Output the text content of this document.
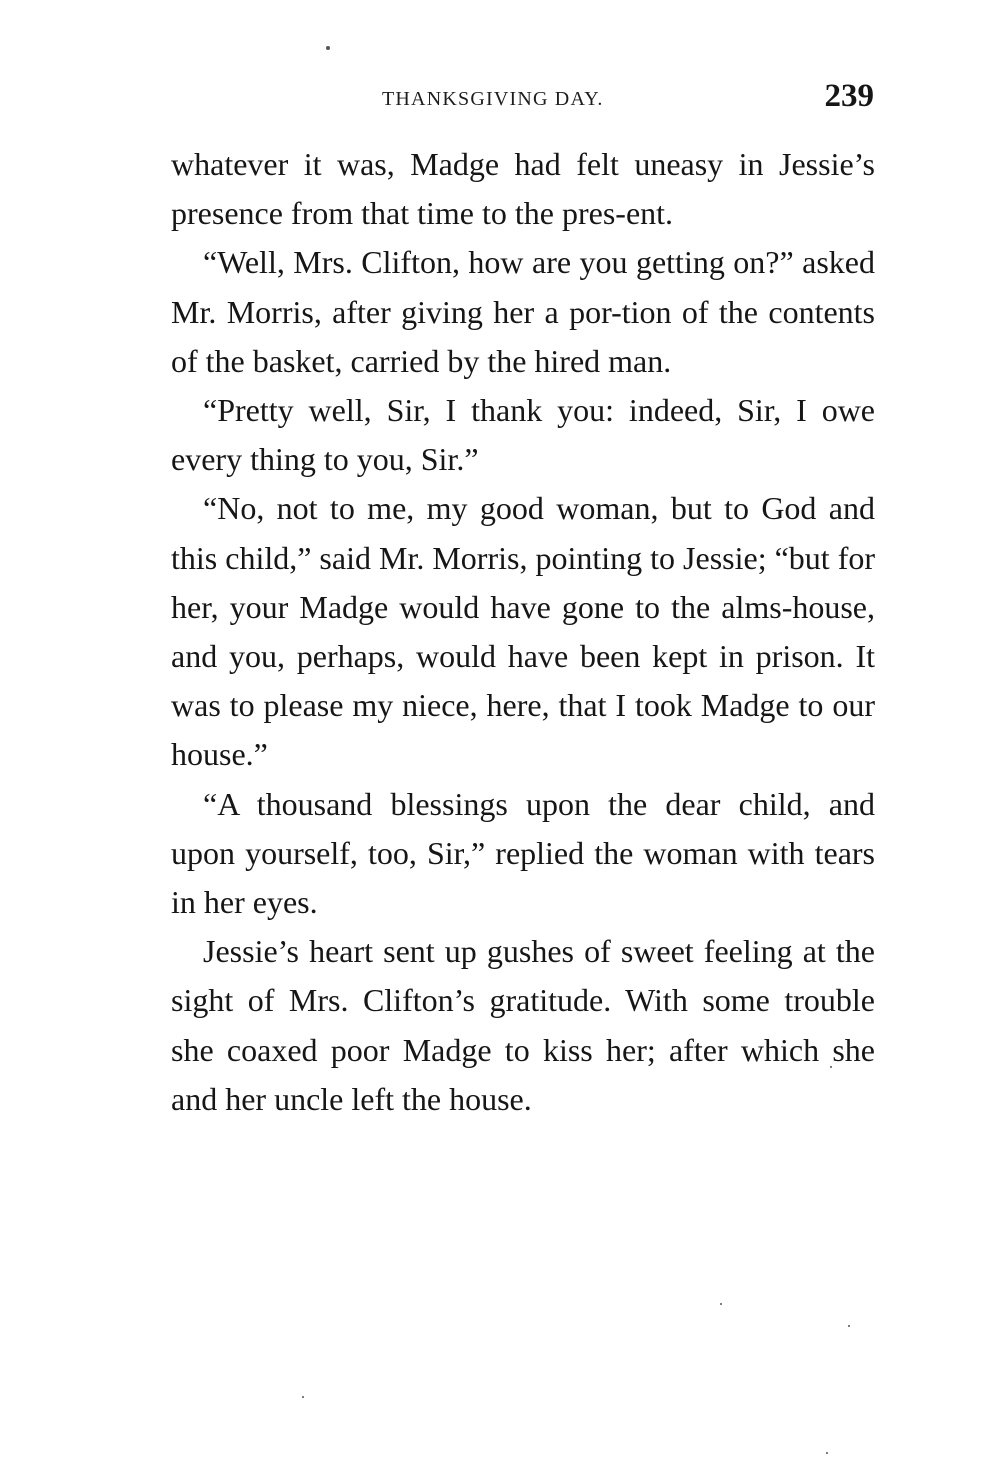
THANKSGIVING DAY.	239

whatever it was, Madge had felt uneasy in Jessie’s presence from that time to the pres-ent.

“Well, Mrs. Clifton, how are you getting on?” asked Mr. Morris, after giving her a por-tion of the contents of the basket, carried by the hired man.

“Pretty well, Sir, I thank you: indeed, Sir, I owe every thing to you, Sir.”

“No, not to me, my good woman, but to God and this child,” said Mr. Morris, pointing to Jessie; “but for her, your Madge would have gone to the alms-house, and you, perhaps, would have been kept in prison. It was to please my niece, here, that I took Madge to our house.”

“A thousand blessings upon the dear child, and upon yourself, too, Sir,” replied the woman with tears in her eyes.

Jessie’s heart sent up gushes of sweet feeling at the sight of Mrs. Clifton’s gratitude. With some trouble she coaxed poor Madge to kiss her; after which she and her uncle left the house.
